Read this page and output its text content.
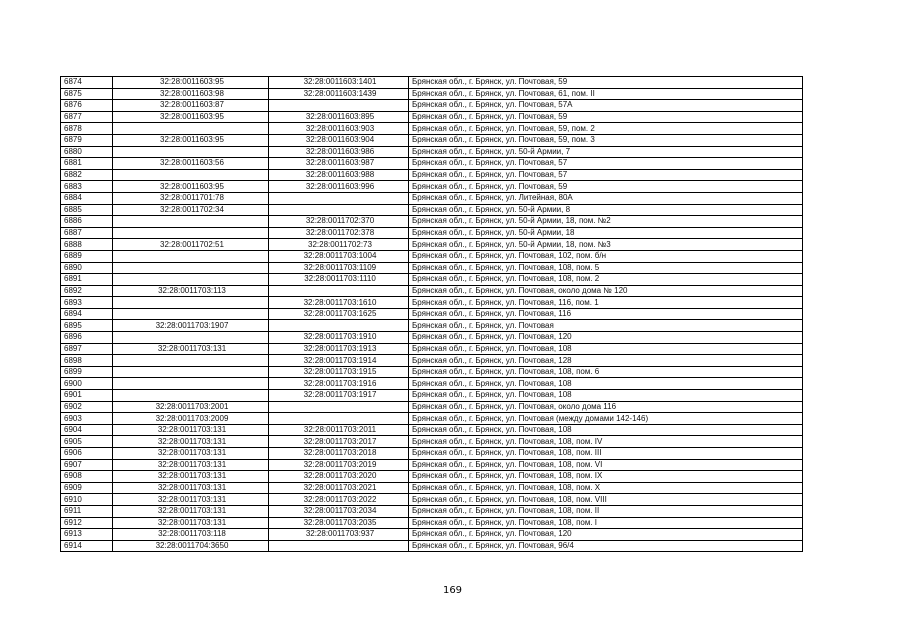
6874	32:28:0011603:95	32:28:0011603:1401	Брянская обл., г. Брянск, ул. Почтовая, 59
6875	32:28:0011603:98	32:28:0011603:1439	Брянская обл., г. Брянск, ул. Почтовая, 61, пом. II
6876	32:28:0011603:87		Брянская обл., г. Брянск, ул. Почтовая, 57А
6877	32:28:0011603:95	32:28:0011603:895	Брянская обл., г. Брянск, ул. Почтовая, 59
6878		32:28:0011603:903	Брянская обл., г. Брянск, ул. Почтовая, 59, пом. 2
6879	32:28:0011603:95	32:28:0011603:904	Брянская обл., г. Брянск, ул. Почтовая, 59, пом. 3
6880		32:28:0011603:986	Брянская обл., г. Брянск, ул. 50-й Армии, 7
6881	32:28:0011603:56	32:28:0011603:987	Брянская обл., г. Брянск, ул. Почтовая, 57
6882		32:28:0011603:988	Брянская обл., г. Брянск, ул. Почтовая, 57
6883	32:28:0011603:95	32:28:0011603:996	Брянская обл., г. Брянск, ул. Почтовая, 59
6884	32:28:0011701:78		Брянская обл., г. Брянск, ул. Литейная, 80А
6885	32:28:0011702:34		Брянская обл., г. Брянск, ул. 50-й Армии, 8
6886		32:28:0011702:370	Брянская обл., г. Брянск, ул. 50-й Армии, 18, пом. №2
6887		32:28:0011702:378	Брянская обл., г. Брянск, ул. 50-й Армии, 18
6888	32:28:0011702:51	32:28:0011702:73	Брянская обл., г. Брянск, ул. 50-й Армии, 18, пом. №3
6889		32:28:0011703:1004	Брянская обл., г. Брянск, ул. Почтовая, 102, пом. б/н
6890		32:28:0011703:1109	Брянская обл., г. Брянск, ул. Почтовая, 108, пом. 5
6891		32:28:0011703:1110	Брянская обл., г. Брянск, ул. Почтовая, 108, пом. 2
6892	32:28:0011703:113		Брянская обл., г. Брянск, ул. Почтовая, около дома № 120
6893		32:28:0011703:1610	Брянская обл., г. Брянск, ул. Почтовая, 116, пом. 1
6894		32:28:0011703:1625	Брянская обл., г. Брянск, ул. Почтовая, 116
6895	32:28:0011703:1907		Брянская обл., г. Брянск, ул. Почтовая
6896		32:28:0011703:1910	Брянская обл., г. Брянск, ул. Почтовая, 120
6897	32:28:0011703:131	32:28:0011703:1913	Брянская обл., г. Брянск, ул. Почтовая, 108
6898		32:28:0011703:1914	Брянская обл., г. Брянск, ул. Почтовая, 128
6899		32:28:0011703:1915	Брянская обл., г. Брянск, ул. Почтовая, 108, пом. 6
6900		32:28:0011703:1916	Брянская обл., г. Брянск, ул. Почтовая, 108
6901		32:28:0011703:1917	Брянская обл., г. Брянск, ул. Почтовая, 108
6902	32:28:0011703:2001		Брянская обл., г. Брянск, ул. Почтовая, около дома 116
6903	32:28:0011703:2009		Брянская обл., г. Брянск, ул. Почтовая (между домами 142-146)
6904	32:28:0011703:131	32:28:0011703:2011	Брянская обл., г. Брянск, ул. Почтовая, 108
6905	32:28:0011703:131	32:28:0011703:2017	Брянская обл., г. Брянск, ул. Почтовая, 108, пом. IV
6906	32:28:0011703:131	32:28:0011703:2018	Брянская обл., г. Брянск, ул. Почтовая, 108, пом. III
6907	32:28:0011703:131	32:28:0011703:2019	Брянская обл., г. Брянск, ул. Почтовая, 108, пом. VI
6908	32:28:0011703:131	32:28:0011703:2020	Брянская обл., г. Брянск, ул. Почтовая, 108, пом. IX
6909	32:28:0011703:131	32:28:0011703:2021	Брянская обл., г. Брянск, ул. Почтовая, 108, пом. X
6910	32:28:0011703:131	32:28:0011703:2022	Брянская обл., г. Брянск, ул. Почтовая, 108, пом. VIII
6911	32:28:0011703:131	32:28:0011703:2034	Брянская обл., г. Брянск, ул. Почтовая, 108, пом. II
6912	32:28:0011703:131	32:28:0011703:2035	Брянская обл., г. Брянск, ул. Почтовая, 108, пом. I
6913	32:28:0011703:118	32:28:0011703:937	Брянская обл., г. Брянск, ул. Почтовая, 120
6914	32:28:0011704:3650		Брянская обл., г. Брянск, ул. Почтовая, 96/4
169
